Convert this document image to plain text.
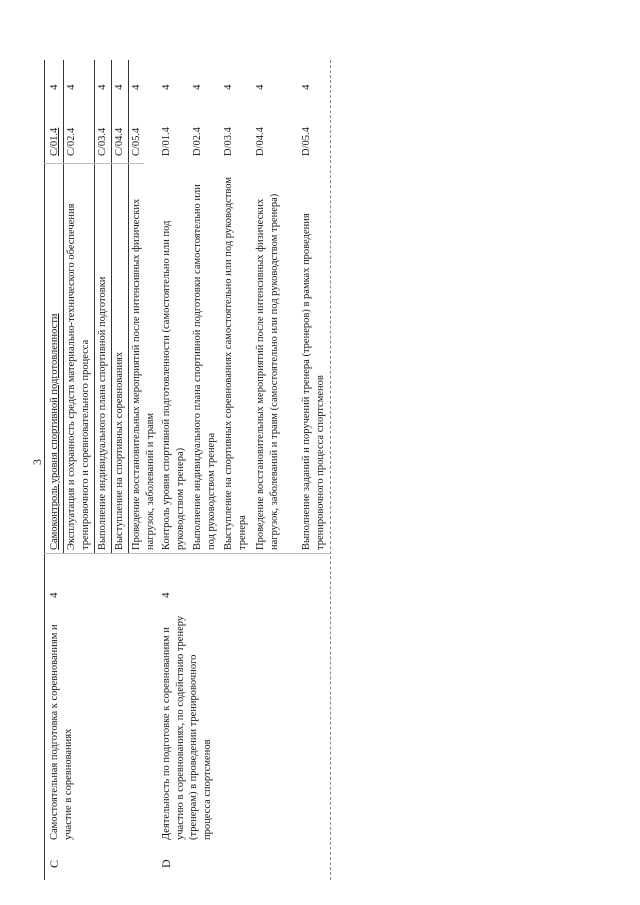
3
C
Самостоятельная подготовка к соревнованиям и участие в соревнованиях
4
Самоконтроль уровня спортивной подготовленности
C/01.4
4
Эксплуатация и сохранность средств материально-технического обеспечения тренировочного и соревновательного процесса
C/02.4
4
Выполнение индивидуального плана спортивной подготовки
C/03.4
4
Выступление на спортивных соревнованиях
C/04.4
4
Проведение восстановительных мероприятий после интенсивных физических нагрузок, заболеваний и травм
C/05.4
4
D
Деятельность по подготовке к соревнованиям и участию в соревнованиях, по содействию тренеру (тренерам) в проведении тренировочного процесса спортсменов
4
Контроль уровня спортивной подготовленности (самостоятельно или под руководством тренера)
D/01.4
4
Выполнение индивидуального плана спортивной подготовки самостоятельно или под руководством тренера
D/02.4
4
Выступление на спортивных соревнованиях самостоятельно или под руководством тренера
D/03.4
4
Проведение восстановительных мероприятий после интенсивных физических нагрузок, заболеваний и травм (самостоятельно или под руководством тренера)
D/04.4
4
Выполнение заданий и поручений тренера (тренеров) в рамках проведения тренировочного процесса спортсменов
D/05.4
4
